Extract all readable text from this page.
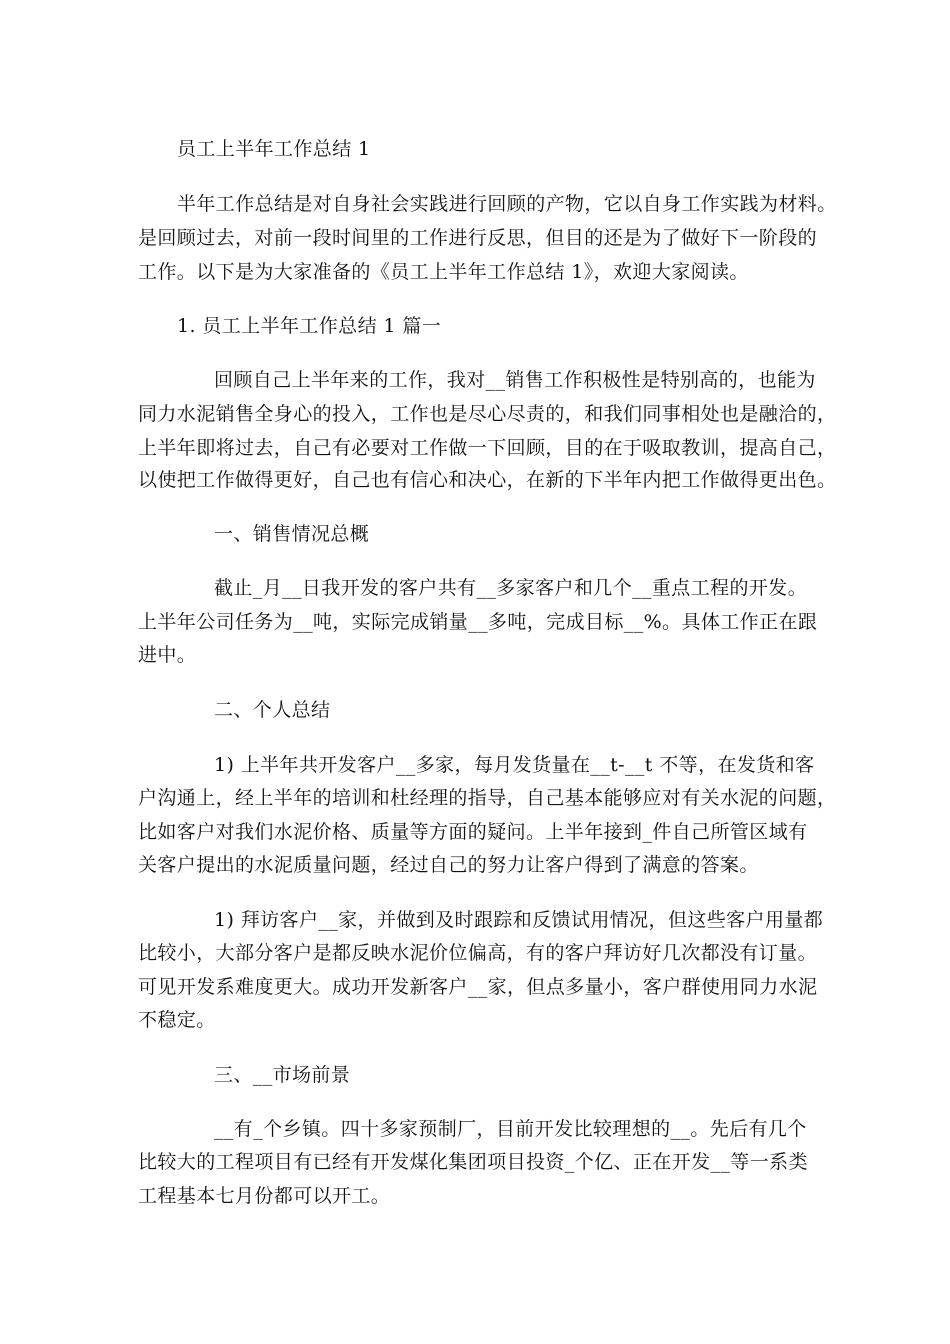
员工上半年工作总结 1
半年工作总结是对自身社会实践进行回顾的产物，它以自身工作实践为材料。
是回顾过去，对前一段时间里的工作进行反思，但目的还是为了做好下一阶段的
工作。以下是为大家准备的《员工上半年工作总结 1》，欢迎大家阅读。
1. 员工上半年工作总结 1 篇一
回顾自己上半年来的工作，我对__销售工作积极性是特别高的，也能为
同力水泥销售全身心的投入，工作也是尽心尽责的，和我们同事相处也是融洽的，
上半年即将过去，自己有必要对工作做一下回顾，目的在于吸取教训，提高自己，
以使把工作做得更好，自己也有信心和决心，在新的下半年内把工作做得更出色。
一、销售情况总概
截止_月__日我开发的客户共有__多家客户和几个__重点工程的开发。
上半年公司任务为__吨，实际完成销量__多吨，完成目标__%。具体工作正在跟
进中。
二、个人总结
1) 上半年共开发客户__多家，每月发货量在__t-__t 不等，在发货和客
户沟通上，经上半年的培训和杜经理的指导，自己基本能够应对有关水泥的问题，
比如客户对我们水泥价格、质量等方面的疑问。上半年接到_件自己所管区域有
关客户提出的水泥质量问题，经过自己的努力让客户得到了满意的答案。
1) 拜访客户__家，并做到及时跟踪和反馈试用情况，但这些客户用量都
比较小，大部分客户是都反映水泥价位偏高，有的客户拜访好几次都没有订量。
可见开发系难度更大。成功开发新客户__家，但点多量小，客户群使用同力水泥
不稳定。
三、__市场前景
__有_个乡镇。四十多家预制厂，目前开发比较理想的__。先后有几个
比较大的工程项目有已经有开发煤化集团项目投资_个亿、正在开发__等一系类
工程基本七月份都可以开工。
